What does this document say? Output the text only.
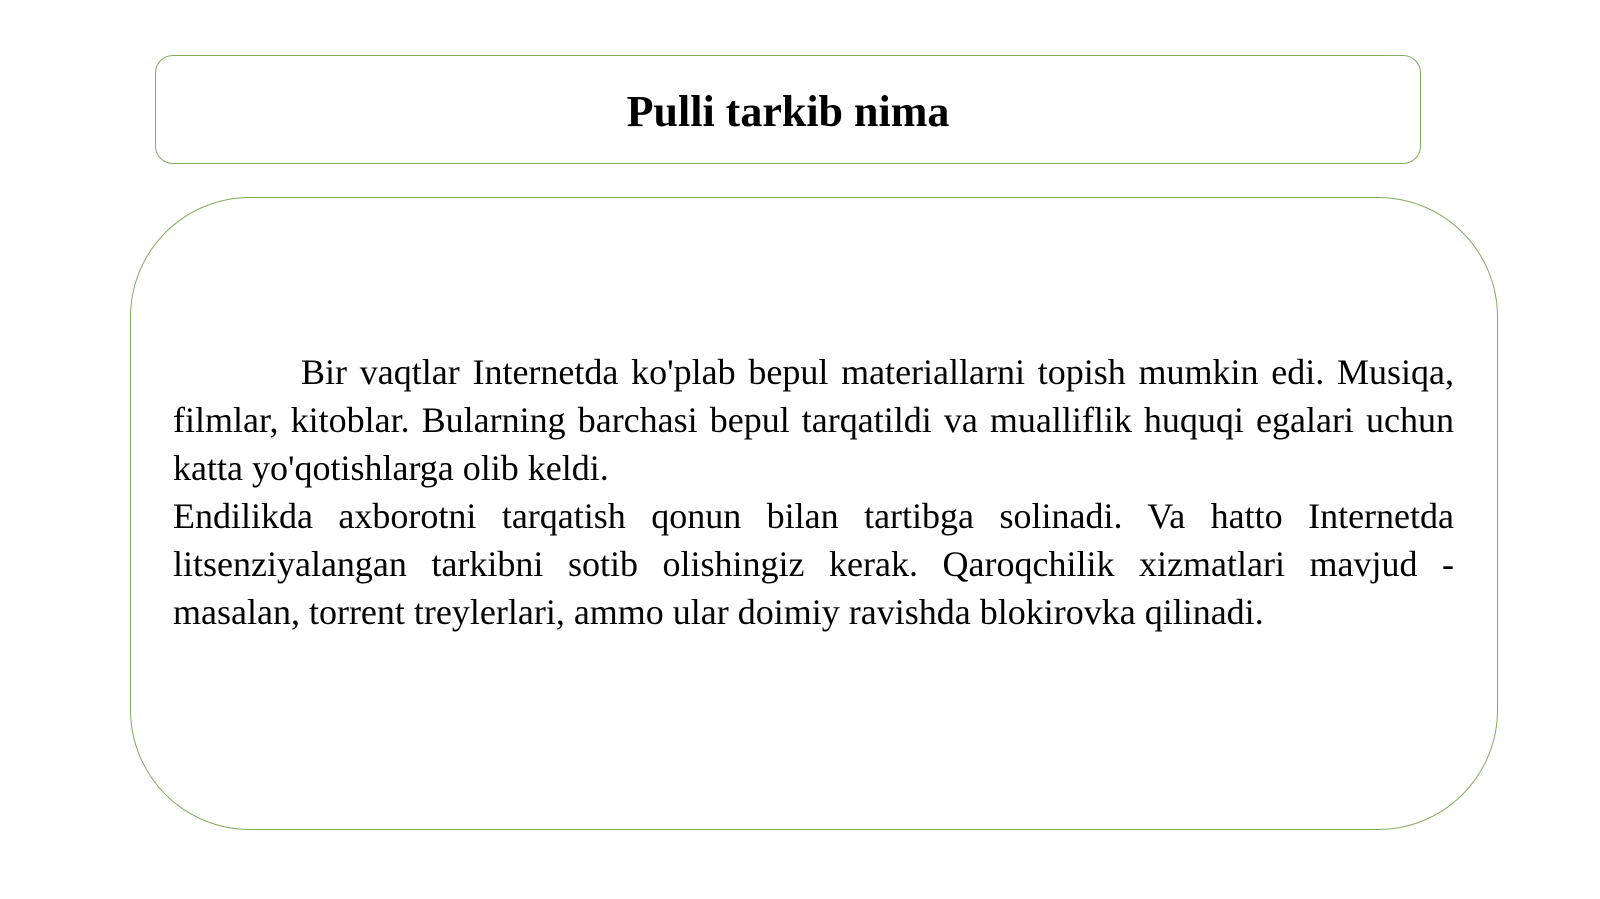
Pulli tarkib nima

Bir vaqtlar Internetda ko'plab bepul materiallarni topish mumkin edi. Musiqa, filmlar, kitoblar. Bularning barchasi bepul tarqatildi va mualliflik huquqi egalari uchun katta yo'qotishlarga olib keldi.

Endilikda axborotni tarqatish qonun bilan tartibga solinadi. Va hatto Internetda litsenziyalangan tarkibni sotib olishingiz kerak. Qaroqchilik xizmatlari mavjud - masalan, torrent treylerlari, ammo ular doimiy ravishda blokirovka qilinadi.
